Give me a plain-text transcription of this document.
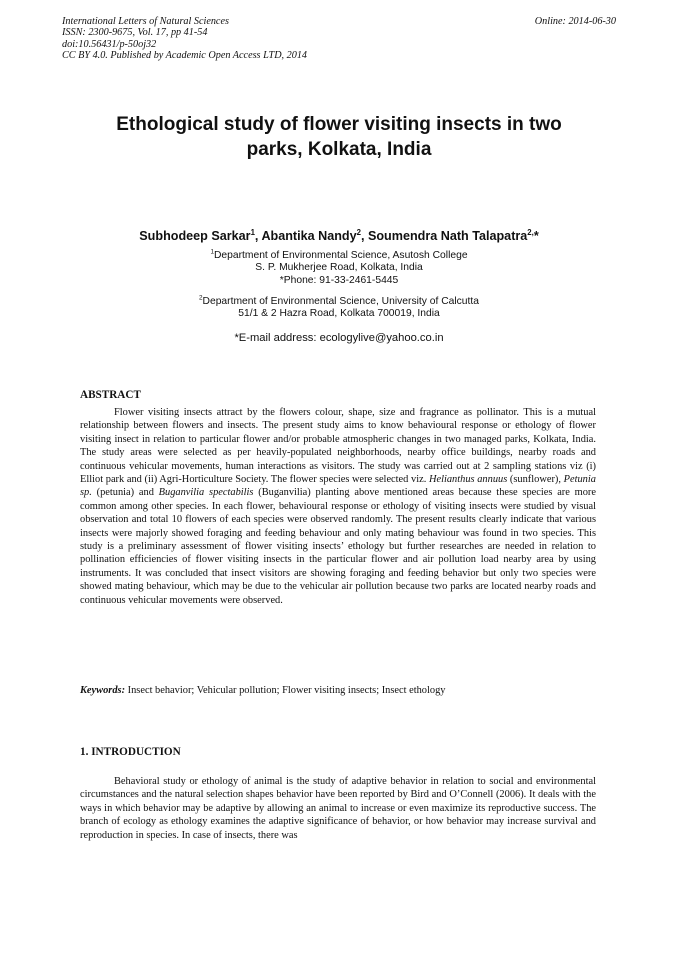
International Letters of Natural Sciences
ISSN: 2300-9675, Vol. 17, pp 41-54
doi:10.56431/p-50oj32
CC BY 4.0. Published by Academic Open Access LTD, 2014
Online: 2014-06-30
Ethological study of flower visiting insects in two
parks, Kolkata, India
Subhodeep Sarkar$^1$, Abantika Nandy$^2$, Soumendra Nath Talapatra$^{2,}$*
$^1$Department of Environmental Science, Asutosh College
S. P. Mukherjee Road, Kolkata, India
*Phone: 91-33-2461-5445
$^2$Department of Environmental Science, University of Calcutta
51/1 & 2 Hazra Road, Kolkata 700019, India
*E-mail address: ecologylive@yahoo.co.in
ABSTRACT

Flower visiting insects attract by the flowers colour, shape, size and fragrance as pollinator. This is a mutual relationship between flowers and insects. The present study aims to know behavioural response or ethology of flower visiting insect in relation to particular flower and/or probable atmospheric changes in two managed parks, Kolkata, India. The study areas were selected as per heavily-populated neighborhoods, nearby office buildings, nearby roads and continuous vehicular movements, human interactions as visitors. The study was carried out at 2 sampling stations viz (i) Elliot park and (ii) Agri-Horticulture Society. The flower species were selected viz. Helianthus annuus (sunflower), Petunia sp. (petunia) and Buganvilia spectabilis (Buganvilia) planting above mentioned areas because these species are more common among other species. In each flower, behavioural response or ethology of visiting insects were studied by visual observation and total 10 flowers of each species were observed randomly. The present results clearly indicate that various insects were majorly showed foraging and feeding behaviour and only mating behaviour was found in two species. This study is a preliminary assessment of flower visiting insects’ ethology but further researches are needed in relation to pollination efficiencies of flower visiting insects in the particular flower and air pollution load nearby area by using instruments. It was concluded that insect visitors are showing foraging and feeding behavior but only two species were showed mating behaviour, which may be due to the vehicular air pollution because two parks are located nearby roads and continuous vehicular movements were observed.

Keywords: Insect behavior; Vehicular pollution; Flower visiting insects; Insect ethology
1. INTRODUCTION

Behavioral study or ethology of animal is the study of adaptive behavior in relation to social and environmental circumstances and the natural selection shapes behavior have been reported by Bird and O’Connell (2006). It deals with the ways in which behavior may be adaptive by allowing an animal to increase or even maximize its reproductive success. The branch of ecology as ethology examines the adaptive significance of behavior, or how behavior may increase survival and reproduction in species. In case of insects, there was
